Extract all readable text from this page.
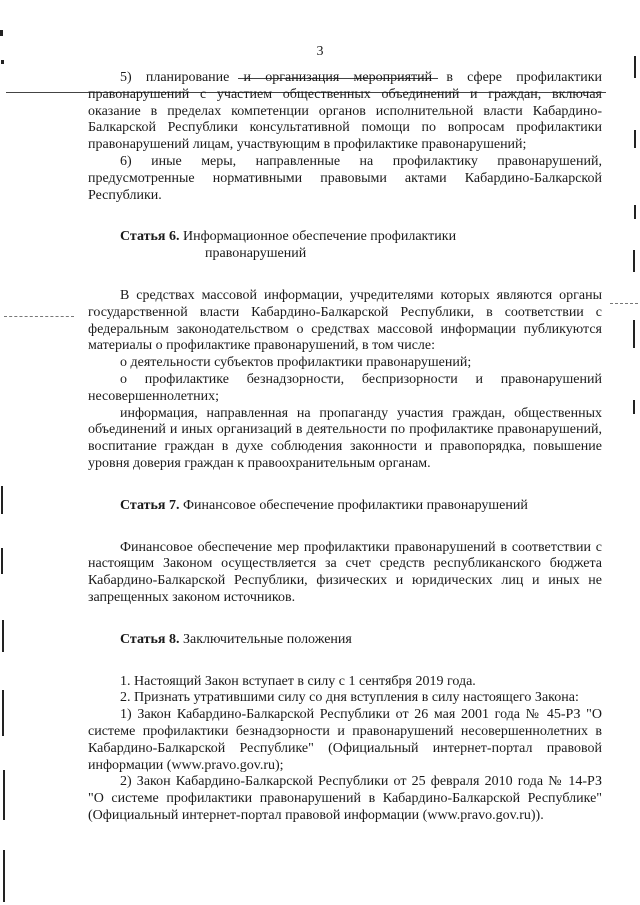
3

5) планирование и организация мероприятий в сфере профилактики правонарушений с участием общественных объединений и граждан, включая оказание в пределах компетенции органов исполнительной власти Кабардино-Балкарской Республики консультативной помощи по вопросам профилактики правонарушений лицам, участвующим в профилактике правонарушений;

6) иные меры, направленные на профилактику правонарушений, предусмотренные нормативными правовыми актами Кабардино-Балкарской Республики.

Статья 6. Информационное обеспечение профилактики

правонарушений

В средствах массовой информации, учредителями которых являются органы государственной власти Кабардино-Балкарской Республики, в соответствии с федеральным законодательством о средствах массовой информации публикуются материалы о профилактике правонарушений, в том числе:

о деятельности субъектов профилактики правонарушений;

о профилактике безнадзорности, беспризорности и правонарушений несовершеннолетних;

информация, направленная на пропаганду участия граждан, общественных объединений и иных организаций в деятельности по профилактике правонарушений, воспитание граждан в духе соблюдения законности и правопорядка, повышение уровня доверия граждан к правоохранительным органам.

Статья 7. Финансовое обеспечение профилактики правонарушений

Финансовое обеспечение мер профилактики правонарушений в соответствии с настоящим Законом осуществляется за счет средств республиканского бюджета Кабардино-Балкарской Республики, физических и юридических лиц и иных не запрещенных законом источников.

Статья 8. Заключительные положения

1. Настоящий Закон вступает в силу с 1 сентября 2019 года.

2. Признать утратившими силу со дня вступления в силу настоящего Закона:

1) Закон Кабардино-Балкарской Республики от 26 мая 2001 года № 45-РЗ "О системе профилактики безнадзорности и правонарушений несовершеннолетних в Кабардино-Балкарской Республике" (Официальный интернет-портал правовой информации (www.pravo.gov.ru);

2) Закон Кабардино-Балкарской Республики от 25 февраля 2010 года № 14-РЗ "О системе профилактики правонарушений в Кабардино-Балкарской Республике" (Официальный интернет-портал правовой информации (www.pravo.gov.ru)).
